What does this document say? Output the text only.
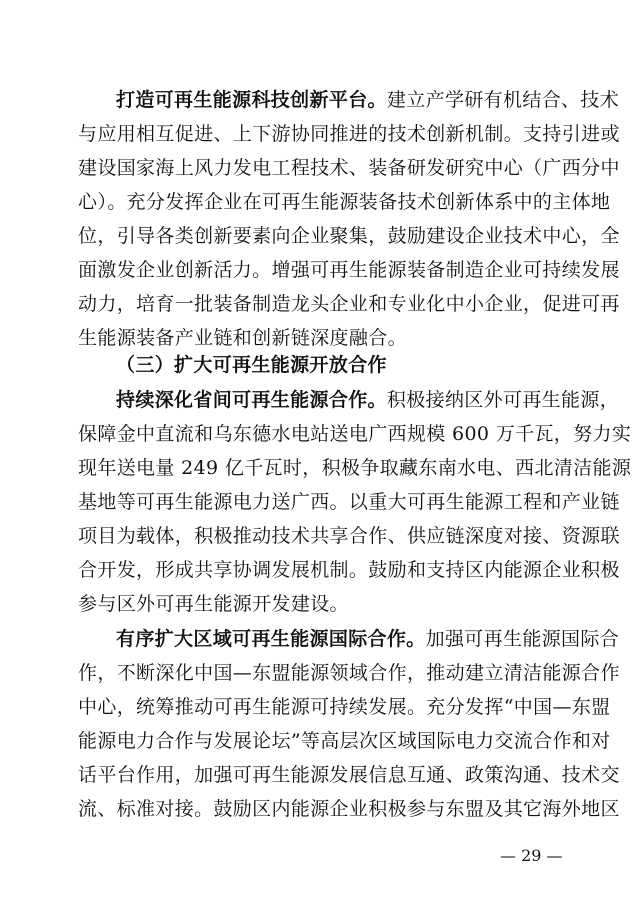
打造可再生能源科技创新平台。建立产学研有机结合、技术
与应用相互促进、上下游协同推进的技术创新机制。支持引进或
建设国家海上风力发电工程技术、装备研发研究中心（广西分中
心）。充分发挥企业在可再生能源装备技术创新体系中的主体地
位，引导各类创新要素向企业聚集，鼓励建设企业技术中心，全
面激发企业创新活力。增强可再生能源装备制造企业可持续发展
动力，培育一批装备制造龙头企业和专业化中小企业，促进可再
生能源装备产业链和创新链深度融合。
（三）扩大可再生能源开放合作
持续深化省间可再生能源合作。积极接纳区外可再生能源，
保障金中直流和乌东德水电站送电广西规模 600 万千瓦，努力实
现年送电量 249 亿千瓦时，积极争取藏东南水电、西北清洁能源
基地等可再生能源电力送广西。以重大可再生能源工程和产业链
项目为载体，积极推动技术共享合作、供应链深度对接、资源联
合开发，形成共享协调发展机制。鼓励和支持区内能源企业积极
参与区外可再生能源开发建设。
有序扩大区域可再生能源国际合作。加强可再生能源国际合
作，不断深化中国—东盟能源领域合作，推动建立清洁能源合作
中心，统筹推动可再生能源可持续发展。充分发挥“中国—东盟
能源电力合作与发展论坛”等高层次区域国际电力交流合作和对
话平台作用，加强可再生能源发展信息互通、政策沟通、技术交
流、标准对接。鼓励区内能源企业积极参与东盟及其它海外地区
— 29 —
